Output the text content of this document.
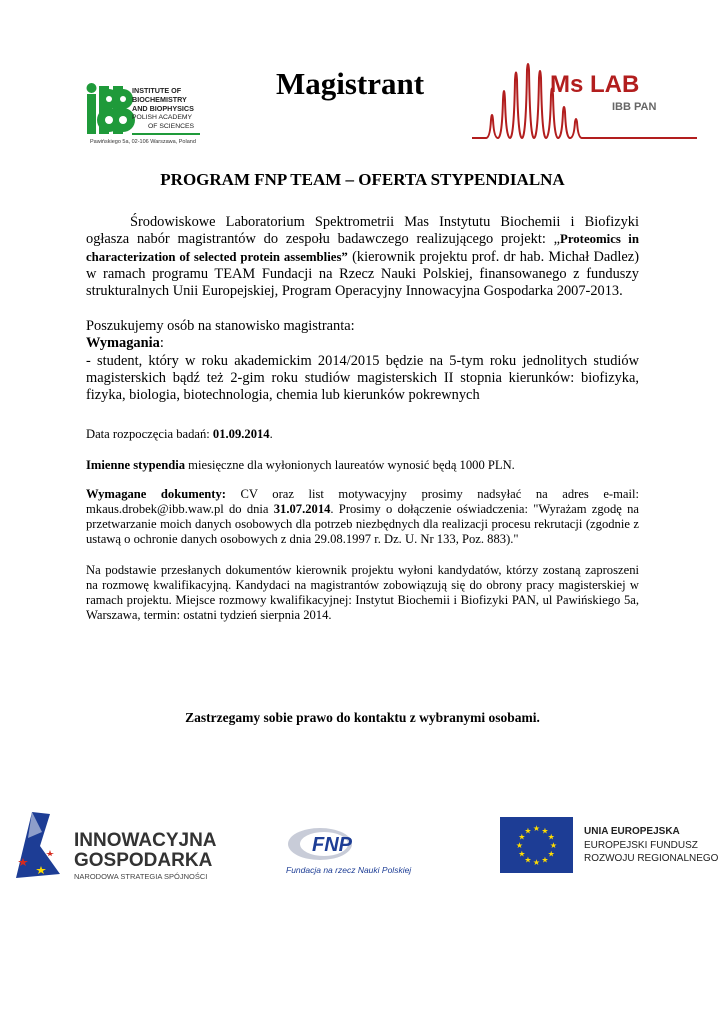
INSTITUTE OF
BIOCHEMISTRY
AND BIOPHYSICS
POLISH ACADEMY
OF SCIENCES
Pawińskiego 5a, 02-106 Warszawa, Poland
Magistrant	Ms LAB
IBB PAN
PROGRAM FNP TEAM – OFERTA STYPENDIALNA
Środowiskowe Laboratorium Spektrometrii Mas Instytutu Biochemii i Biofizyki ogłasza nabór magistrantów do zespołu badawczego realizującego projekt: „Proteomics in characterization of selected protein assemblies” (kierownik projektu prof. dr hab. Michał Dadlez) w ramach programu TEAM Fundacji na Rzecz Nauki Polskiej, finansowanego z funduszy strukturalnych Unii Europejskiej, Program Operacyjny Innowacyjna Gospodarka 2007-2013.
Poszukujemy osób na stanowisko magistranta:
Wymagania:
- student, który w roku akademickim 2014/2015 będzie na 5-tym roku jednolitych studiów magisterskich bądź też 2-gim roku studiów magisterskich II stopnia kierunków: biofizyka, fizyka, biologia, biotechnologia, chemia lub kierunków pokrewnych
Data rozpoczęcia badań: 01.09.2014.
Imienne stypendia miesięczne dla wyłonionych laureatów wynosić będą 1000 PLN.
Wymagane dokumenty: CV oraz list motywacyjny prosimy nadsyłać na adres e-mail: mkaus.drobek@ibb.waw.pl do dnia 31.07.2014. Prosimy o dołączenie oświadczenia: "Wyrażam zgodę na przetwarzanie moich danych osobowych dla potrzeb niezbędnych dla realizacji procesu rekrutacji (zgodnie z ustawą o ochronie danych osobowych z dnia 29.08.1997 r. Dz. U. Nr 133, Poz. 883)."
Na podstawie przesłanych dokumentów kierownik projektu wyłoni kandydatów, którzy zostaną zaproszeni na rozmowę kwalifikacyjną. Kandydaci na magistrantów zobowiązują się do obrony pracy magisterskiej w ramach projektu. Miejsce rozmowy kwalifikacyjnej: Instytut Biochemii i Biofizyki PAN, ul Pawińskiego 5a, Warszawa, termin: ostatni tydzień sierpnia 2014.
Zastrzegamy sobie prawo do kontaktu z wybranymi osobami.
INNOWACYJNA
GOSPODARKA
NARODOWA STRATEGIA SPÓJNOŚCI
FNP
Fundacja na rzecz Nauki Polskiej
★
★
★
★
★
★
★
★
★ ★ ★
★	UNIA EUROPEJSKA
EUROPEJSKI FUNDUSZ
ROZWOJU REGIONALNEGO
